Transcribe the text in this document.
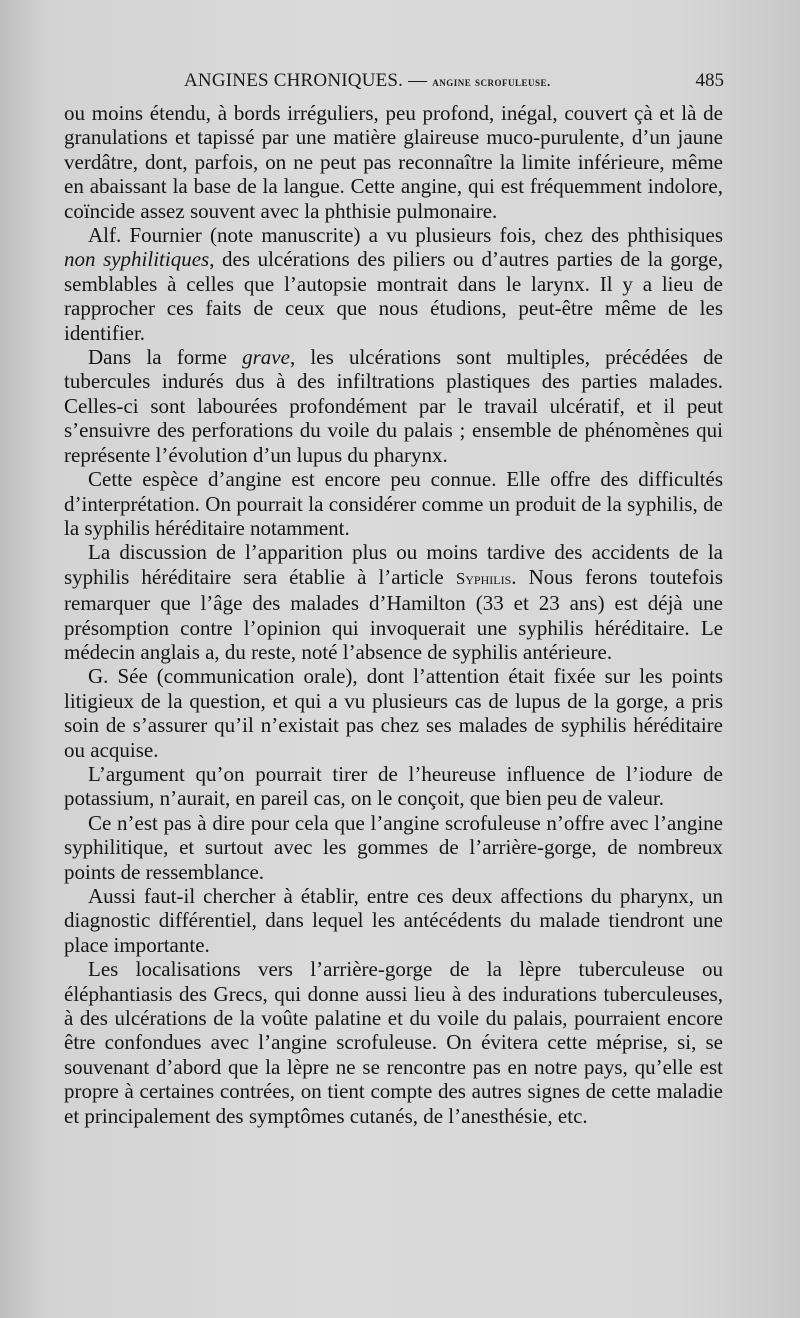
ANGINES CHRONIQUES. — angine scrofuleuse.	485

ou moins étendu, à bords irréguliers, peu profond, inégal, couvert çà et là de granulations et tapissé par une matière glaireuse muco-purulente, d’un jaune verdâtre, dont, parfois, on ne peut pas reconnaître la limite inférieure, même en abaissant la base de la langue. Cette angine, qui est fréquemment indolore, coïncide assez souvent avec la phthisie pulmonaire.

Alf. Fournier (note manuscrite) a vu plusieurs fois, chez des phthisiques non syphilitiques, des ulcérations des piliers ou d’autres parties de la gorge, semblables à celles que l’autopsie montrait dans le larynx. Il y a lieu de rapprocher ces faits de ceux que nous étudions, peut-être même de les identifier.

Dans la forme grave, les ulcérations sont multiples, précédées de tubercules indurés dus à des infiltrations plastiques des parties malades. Celles-ci sont labourées profondément par le travail ulcératif, et il peut s’ensuivre des perforations du voile du palais ; ensemble de phénomènes qui représente l’évolution d’un lupus du pharynx.

Cette espèce d’angine est encore peu connue. Elle offre des difficultés d’interprétation. On pourrait la considérer comme un produit de la syphilis, de la syphilis héréditaire notamment.

La discussion de l’apparition plus ou moins tardive des accidents de la syphilis héréditaire sera établie à l’article Syphilis. Nous ferons toutefois remarquer que l’âge des malades d’Hamilton (33 et 23 ans) est déjà une présomption contre l’opinion qui invoquerait une syphilis héréditaire. Le médecin anglais a, du reste, noté l’absence de syphilis antérieure.

G. Sée (communication orale), dont l’attention était fixée sur les points litigieux de la question, et qui a vu plusieurs cas de lupus de la gorge, a pris soin de s’assurer qu’il n’existait pas chez ses malades de syphilis héréditaire ou acquise.

L’argument qu’on pourrait tirer de l’heureuse influence de l’iodure de potassium, n’aurait, en pareil cas, on le conçoit, que bien peu de valeur.

Ce n’est pas à dire pour cela que l’angine scrofuleuse n’offre avec l’angine syphilitique, et surtout avec les gommes de l’arrière-gorge, de nombreux points de ressemblance.

Aussi faut-il chercher à établir, entre ces deux affections du pharynx, un diagnostic différentiel, dans lequel les antécédents du malade tiendront une place importante.

Les localisations vers l’arrière-gorge de la lèpre tuberculeuse ou éléphantiasis des Grecs, qui donne aussi lieu à des indurations tuberculeuses, à des ulcérations de la voûte palatine et du voile du palais, pourraient encore être confondues avec l’angine scrofuleuse. On évitera cette méprise, si, se souvenant d’abord que la lèpre ne se rencontre pas en notre pays, qu’elle est propre à certaines contrées, on tient compte des autres signes de cette maladie et principalement des symptômes cutanés, de l’anesthésie, etc.
